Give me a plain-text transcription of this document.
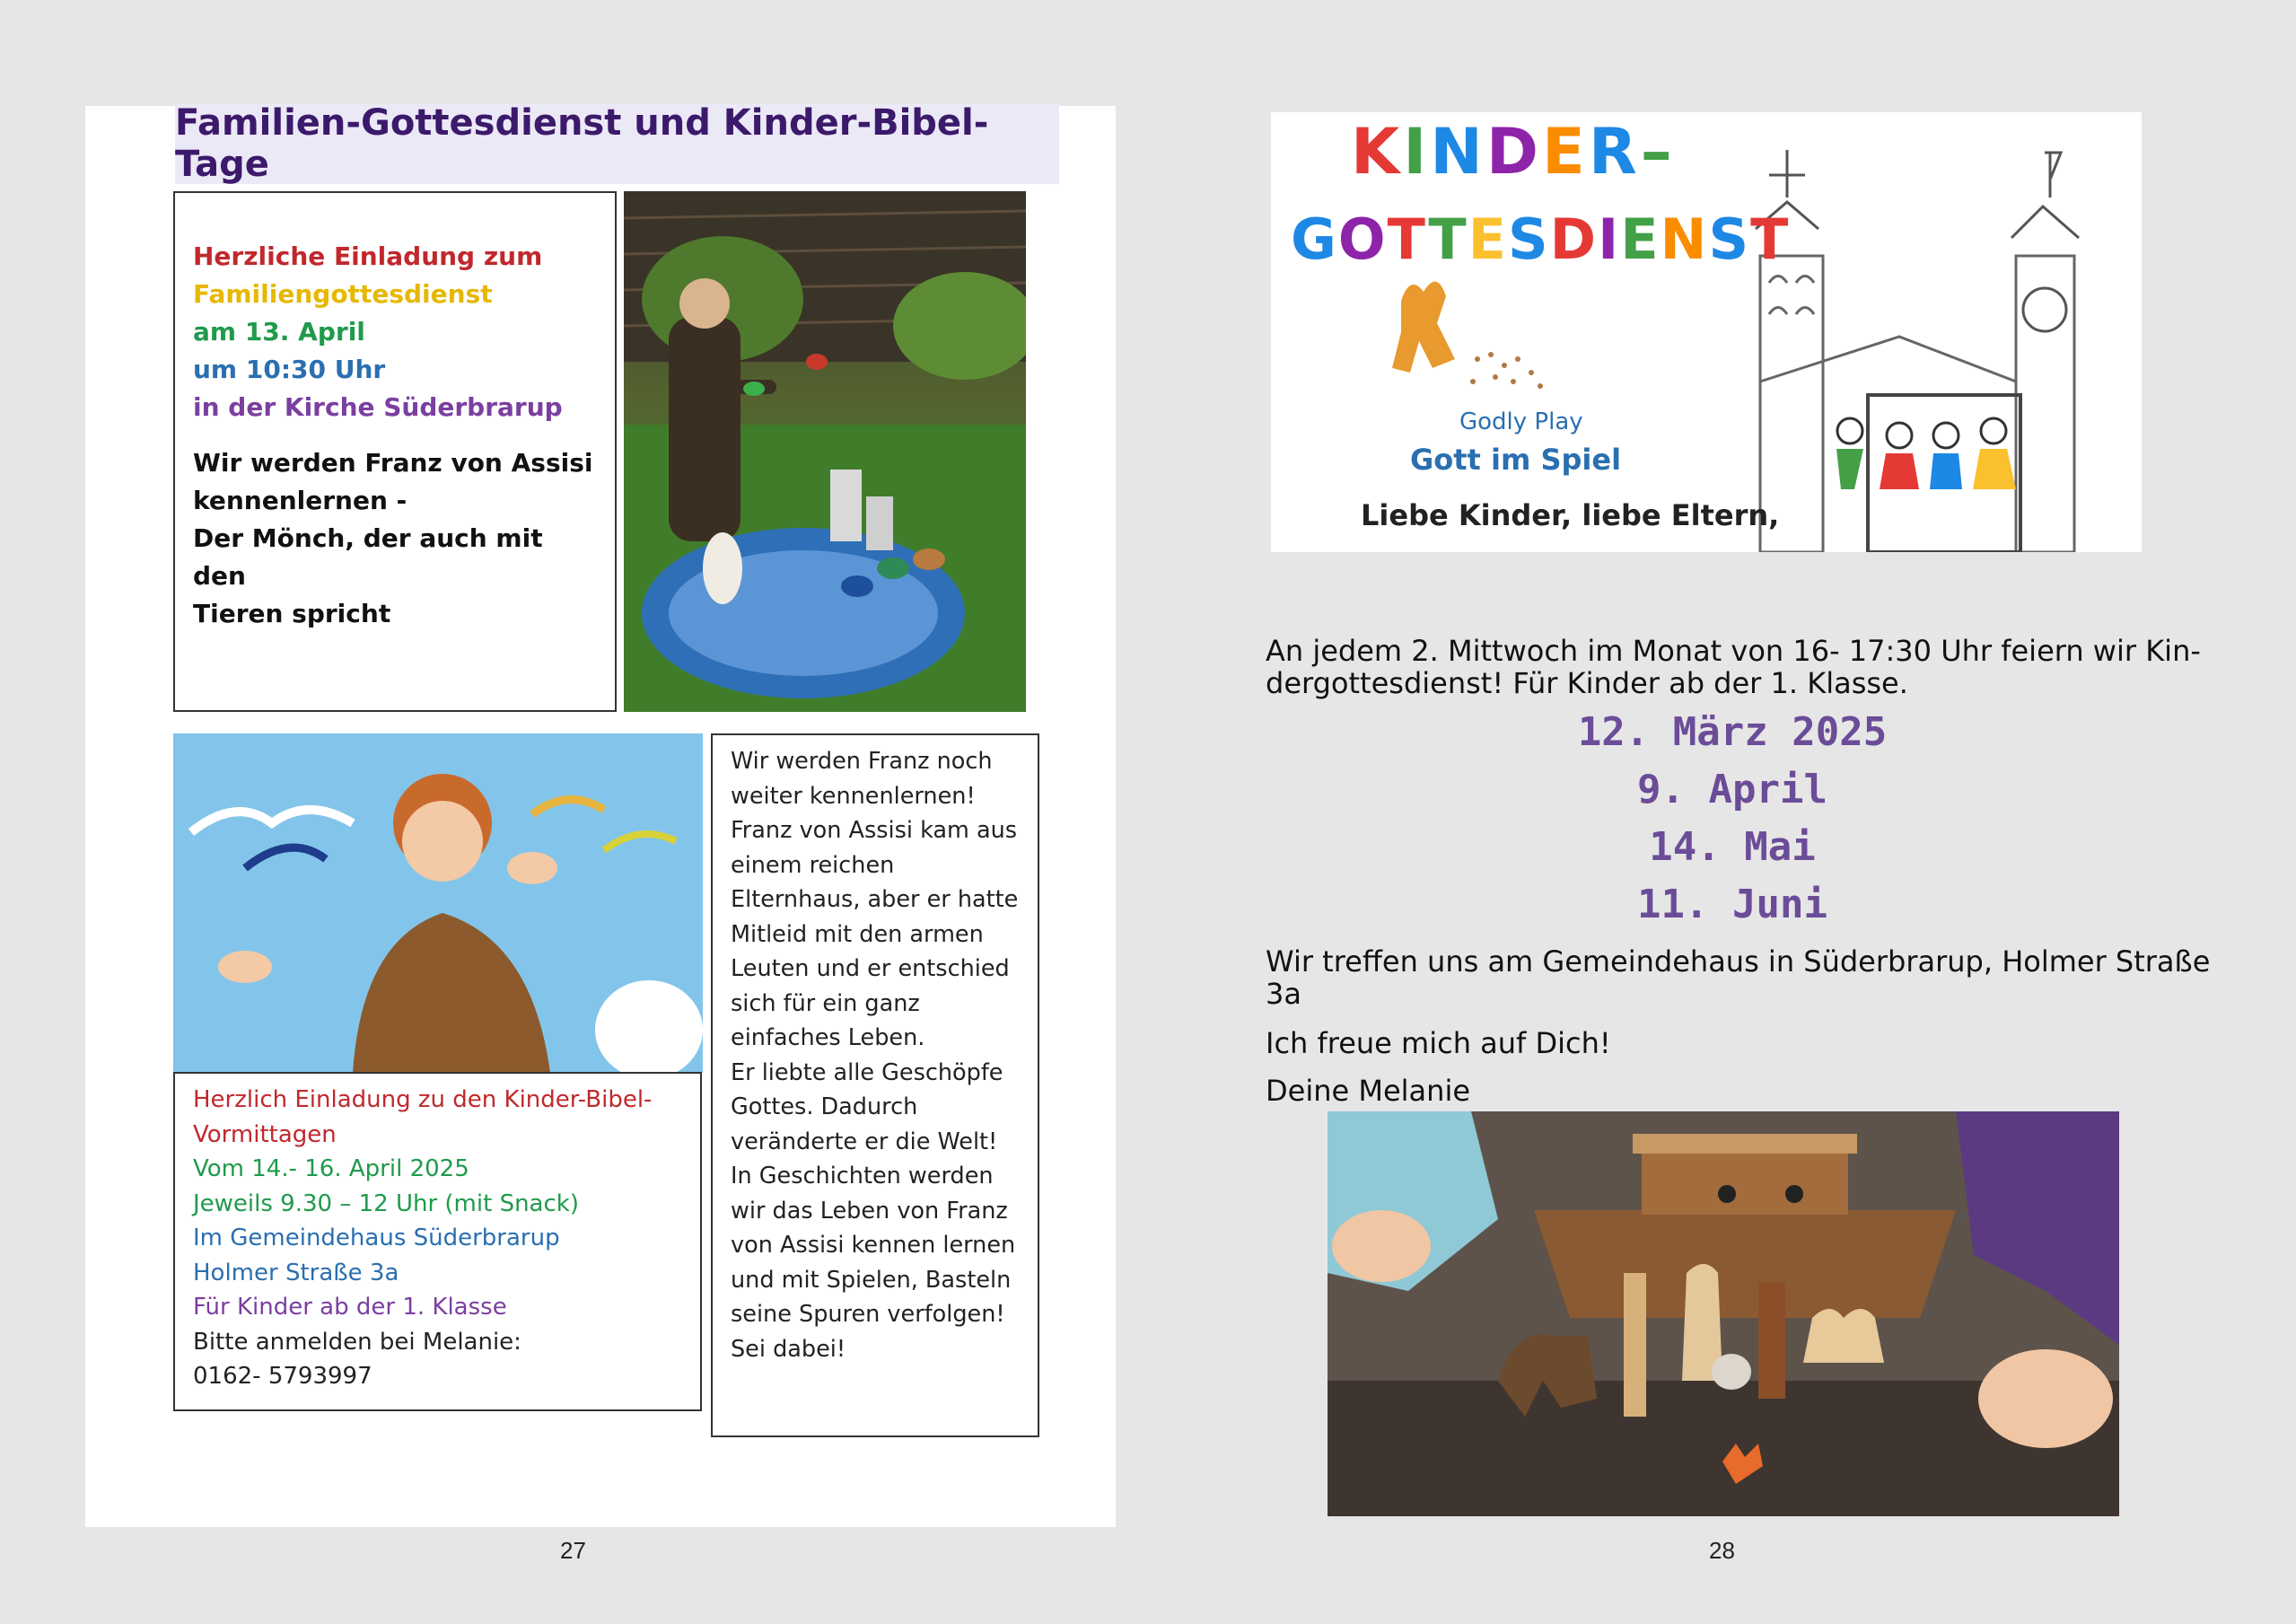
Familien-Gottesdienst und Kinder-Bibel-Tage
Herzliche Einladung zum
Familiengottesdienst
am 13. April
um 10:30 Uhr
in der Kirche Süderbrarup
Wir werden Franz von Assisi
kennenlernen -
Der Mönch, der auch mit den
Tieren spricht
Herzlich Einladung zu den Kinder-Bibel-
Vormittagen
Vom 14.- 16. April 2025
Jeweils 9.30 – 12 Uhr (mit Snack)
Im Gemeindehaus Süderbrarup
Holmer Straße 3a
Für Kinder ab der 1. Klasse
Bitte anmelden bei Melanie:
0162- 5793997
Wir werden Franz noch
weiter kennenlernen!
Franz von Assisi kam aus
einem reichen
Elternhaus, aber er hatte
Mitleid mit den armen
Leuten und er entschied
sich für ein ganz
einfaches Leben.
Er liebte alle Geschöpfe
Gottes. Dadurch
veränderte er die Welt!
In Geschichten werden
wir das Leben von Franz
von Assisi kennen lernen
und mit Spielen, Basteln
seine Spuren verfolgen!
Sei dabei!
27
Godly Play
Gott im Spiel
Liebe Kinder, liebe Eltern,
KINDER–
GOTTESDIENST
An jedem 2. Mittwoch im Monat von 16- 17:30 Uhr feiern wir Kin-
dergottesdienst! Für Kinder ab der 1. Klasse.
12. März 2025
9. April
14. Mai
11. Juni
Wir treffen uns am Gemeindehaus in Süderbrarup, Holmer Straße
3a
Ich freue mich auf Dich!
Deine Melanie
28
